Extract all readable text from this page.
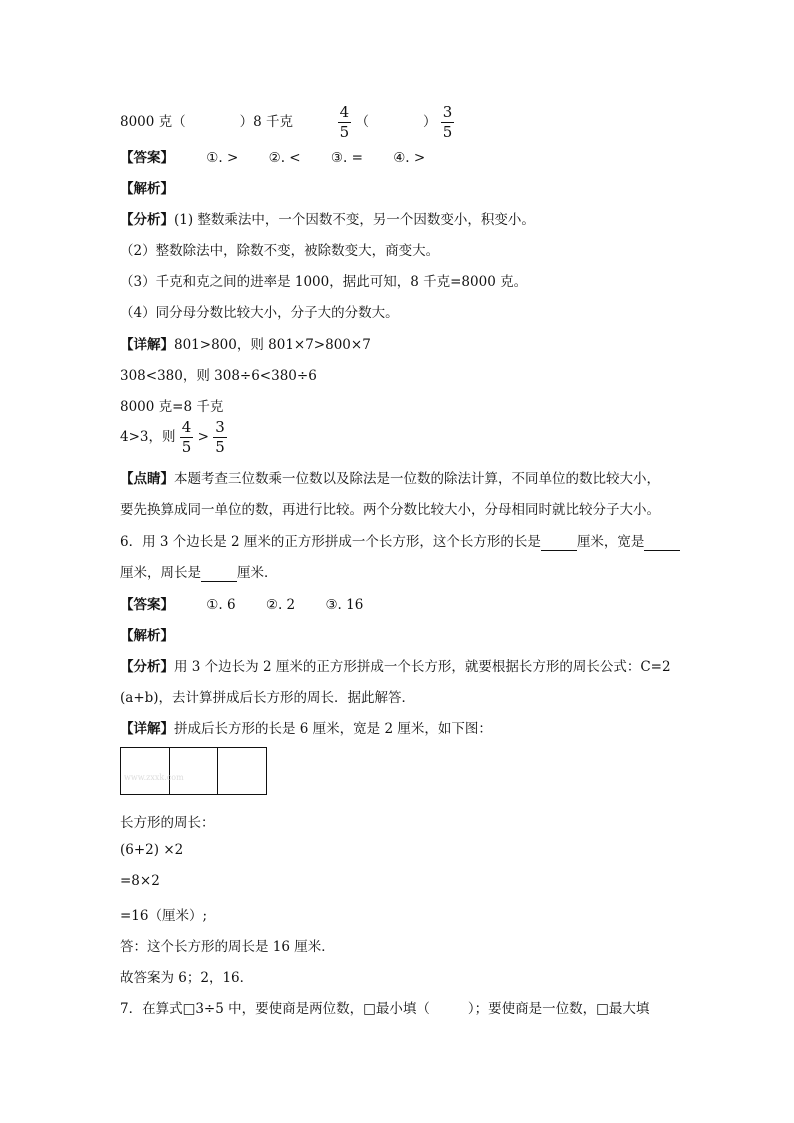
8000 克（　　　　）8 千克	$\frac{4}{5}$ （　　　　） $\frac{3}{5}$
【答案】 ①. > ②. < ③. = ④. >
【解析】
【分析】(1) 整数乘法中，一个因数不变，另一个因数变小，积变小。
（2）整数除法中，除数不变，被除数变大，商变大。
（3）千克和克之间的进率是 1000，据此可知，8 千克=8000 克。
（4）同分母分数比较大小，分子大的分数大。
【详解】801>800，则 801×7>800×7
308<380，则 308÷6<380÷6
8000 克=8 千克
4>3，则 $\frac{4}{5} > \frac{3}{5}$
【点睛】本题考查三位数乘一位数以及除法是一位数的除法计算，不同单位的数比较大小，
要先换算成同一单位的数，再进行比较。两个分数比较大小，分母相同时就比较分子大小。
6．用 3 个边长是 2 厘米的正方形拼成一个长方形，这个长方形的长是	厘米，宽是
厘米，周长是	厘米．
【答案】 ①. 6 ②. 2 ③. 16
【解析】
【分析】用 3 个边长为 2 厘米的正方形拼成一个长方形，就要根据长方形的周长公式：C=2
(a+b)，去计算拼成后长方形的周长．据此解答．
【详解】拼成后长方形的长是 6 厘米，宽是 2 厘米，如下图：
www.zxxk.com
长方形的周长：
(6+2) ×2
=8×2
=16（厘米）;
答：这个长方形的周长是 16 厘米．
故答案为 6；2，16．
7．在算式□3÷5 中，要使商是两位数，□最小填（	）；要使商是一位数，□最大填
